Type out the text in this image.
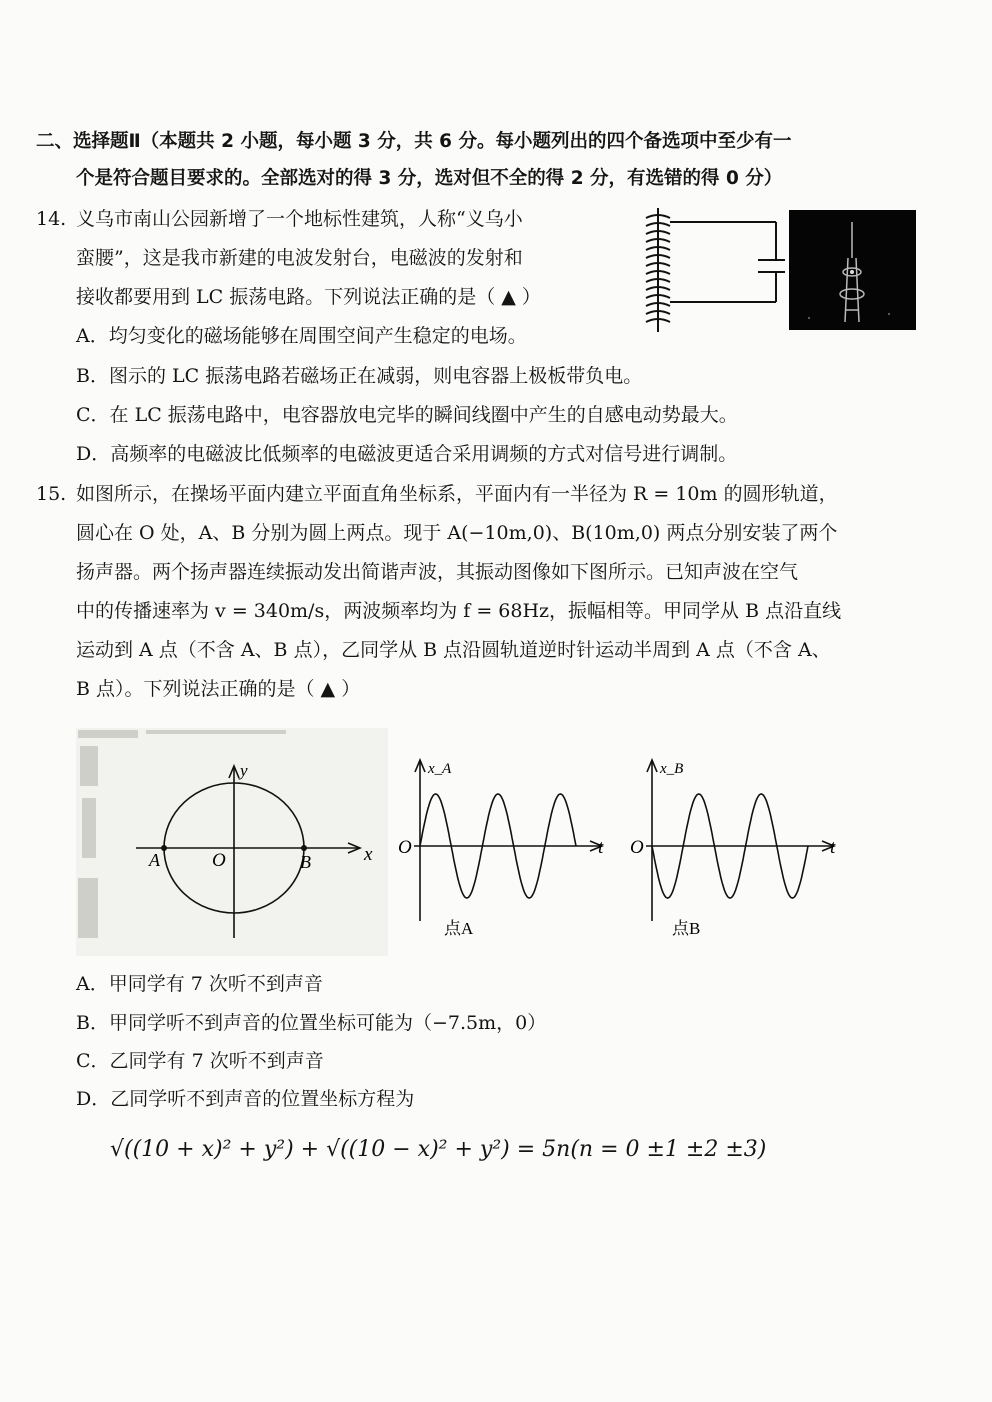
二、选择题Ⅱ（本题共 2 小题，每小题 3 分，共 6 分。每小题列出的四个备选项中至少有一
个是符合题目要求的。全部选对的得 3 分，选对但不全的得 2 分，有选错的得 0 分）
14. 义乌市南山公园新增了一个地标性建筑，人称“义乌小
蛮腰”，这是我市新建的电波发射台，电磁波的发射和
接收都要用到 LC 振荡电路。下列说法正确的是（ ▲ ）
A．均匀变化的磁场能够在周围空间产生稳定的电场。
B．图示的 LC 振荡电路若磁场正在减弱，则电容器上极板带负电。
C．在 LC 振荡电路中，电容器放电完毕的瞬间线圈中产生的自感电动势最大。
D．高频率的电磁波比低频率的电磁波更适合采用调频的方式对信号进行调制。
15. 如图所示，在操场平面内建立平面直角坐标系，平面内有一半径为 R = 10m 的圆形轨道，
圆心在 O 处，A、B 分别为圆上两点。现于 A(−10m,0)、B(10m,0) 两点分别安装了两个
扬声器。两个扬声器连续振动发出简谐声波，其振动图像如下图所示。已知声波在空气
中的传播速率为 v = 340m/s，两波频率均为 f = 68Hz，振幅相等。甲同学从 B 点沿直线
运动到 A 点（不含 A、B 点），乙同学从 B 点沿圆轨道逆时针运动半周到 A 点（不含 A、
B 点）。下列说法正确的是（ ▲ ）
y
x
O
A	B
x_A
O	t
点A
x_B
O	t
点B
A．甲同学有 7 次听不到声音
B．甲同学听不到声音的位置坐标可能为（−7.5m，0）
C．乙同学有 7 次听不到声音
D．乙同学听不到声音的位置坐标方程为
√((10 + x)² + y²) + √((10 − x)² + y²) = 5n(n = 0 ±1 ±2 ±3)
